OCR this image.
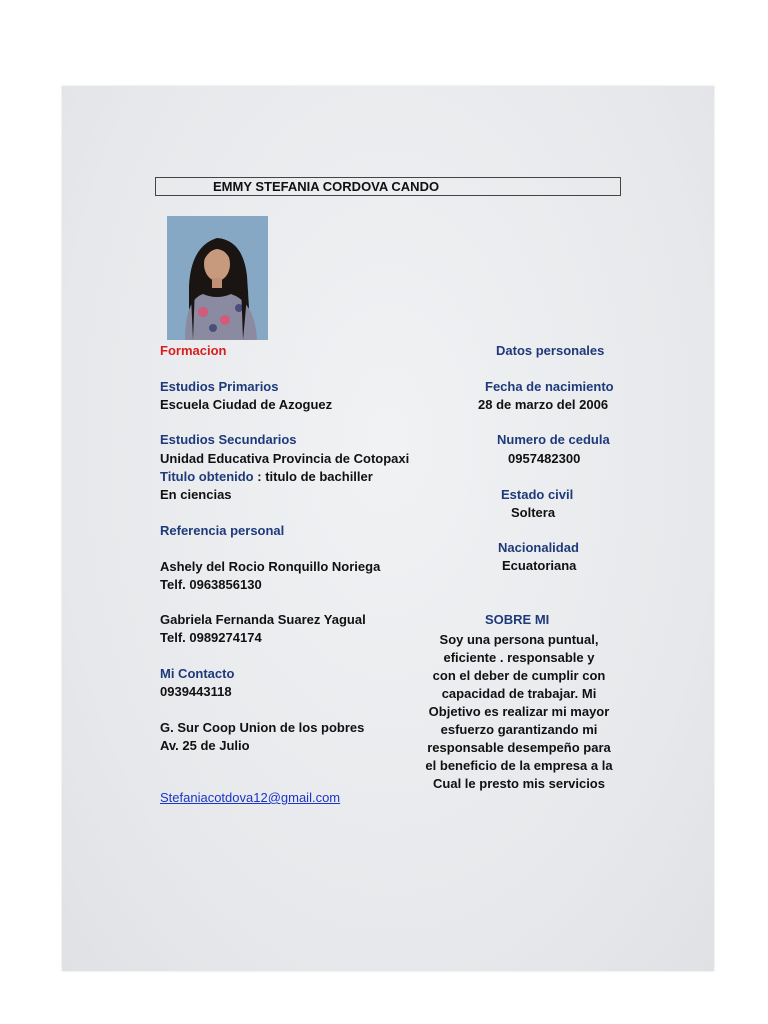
EMMY STEFANIA CORDOVA CANDO
Formacion
Estudios Primarios
Escuela Ciudad de Azoguez
Estudios Secundarios
Unidad Educativa Provincia de Cotopaxi
Titulo obtenido : titulo de bachiller
En ciencias
Referencia personal
Ashely del Rocio Ronquillo Noriega
Telf. 0963856130
Gabriela Fernanda Suarez Yagual
Telf. 0989274174
Mi Contacto
0939443118
G. Sur Coop Union de los pobres
Av. 25 de Julio
Stefaniacotdova12@gmail.com
Datos personales
Fecha de nacimiento
28 de marzo del 2006
Numero de cedula
0957482300
Estado civil
Soltera
Nacionalidad
Ecuatoriana
SOBRE MI
Soy una persona puntual,
eficiente . responsable y
con el deber de cumplir con
capacidad de trabajar. Mi
Objetivo es realizar mi mayor
esfuerzo garantizando mi
responsable desempeño para
el beneficio de la empresa a la
Cual le presto mis servicios
